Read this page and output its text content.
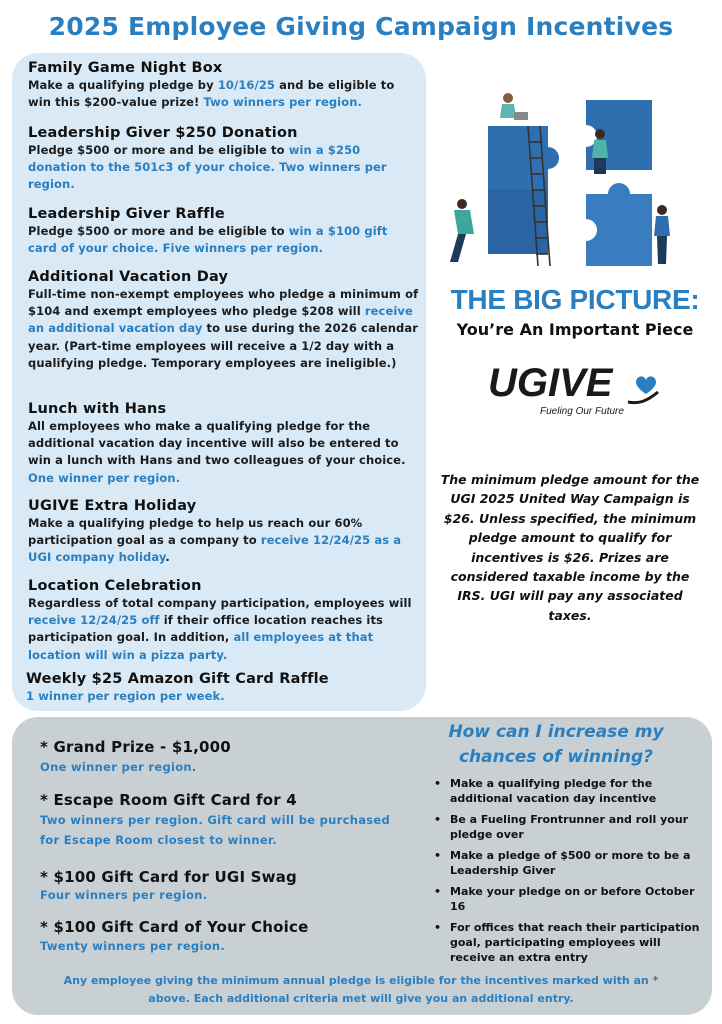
2025 Employee Giving Campaign Incentives
Family Game Night Box
Make a qualifying pledge by 10/16/25 and be eligible to win this $200-value prize! Two winners per region.
Leadership Giver $250 Donation
Pledge $500 or more and be eligible to win a $250 donation to the 501c3 of your choice. Two winners per region.
Leadership Giver Raffle
Pledge $500 or more and be eligible to win a $100 gift card of your choice. Five winners per region.
Additional Vacation Day
Full-time non-exempt employees who pledge a minimum of $104 and exempt employees who pledge $208 will receive an additional vacation day to use during the 2026 calendar year. (Part-time employees will receive a 1/2 day with a qualifying pledge. Temporary employees are ineligible.)
Lunch with Hans
All employees who make a qualifying pledge for the additional vacation day incentive will also be entered to win a lunch with Hans and two colleagues of your choice. One winner per region.
UGIVE Extra Holiday
Make a qualifying pledge to help us reach our 60% participation goal as a company to receive 12/24/25 as a UGI company holiday.
Location Celebration
Regardless of total company participation, employees will receive 12/24/25 off if their office location reaches its participation goal. In addition, all employees at that location will win a pizza party.
Weekly $25 Amazon Gift Card Raffle
1 winner per region per week.
THE BIG PICTURE:
You’re An Important Piece
UGIVE
Fueling Our Future
The minimum pledge amount for the UGI 2025 United Way Campaign is $26. Unless specified, the minimum pledge amount to qualify for incentives is $26. Prizes are considered taxable income by the IRS. UGI will pay any associated taxes.
* Grand Prize - $1,000
One winner per region.
* Escape Room Gift Card for 4
Two winners per region. Gift card will be purchased for Escape Room closest to winner.
* $100 Gift Card for UGI Swag
Four winners per region.
* $100 Gift Card of Your Choice
Twenty winners per region.
How can I increase my chances of winning?
• Make a qualifying pledge for the additional vacation day incentive
• Be a Fueling Frontrunner and roll your pledge over
• Make a pledge of $500 or more to be a Leadership Giver
• Make your pledge on or before October 16
• For offices that reach their participation goal, participating employees will receive an extra entry
Any employee giving the minimum annual pledge is eligible for the incentives marked with an * above. Each additional criteria met will give you an additional entry.
